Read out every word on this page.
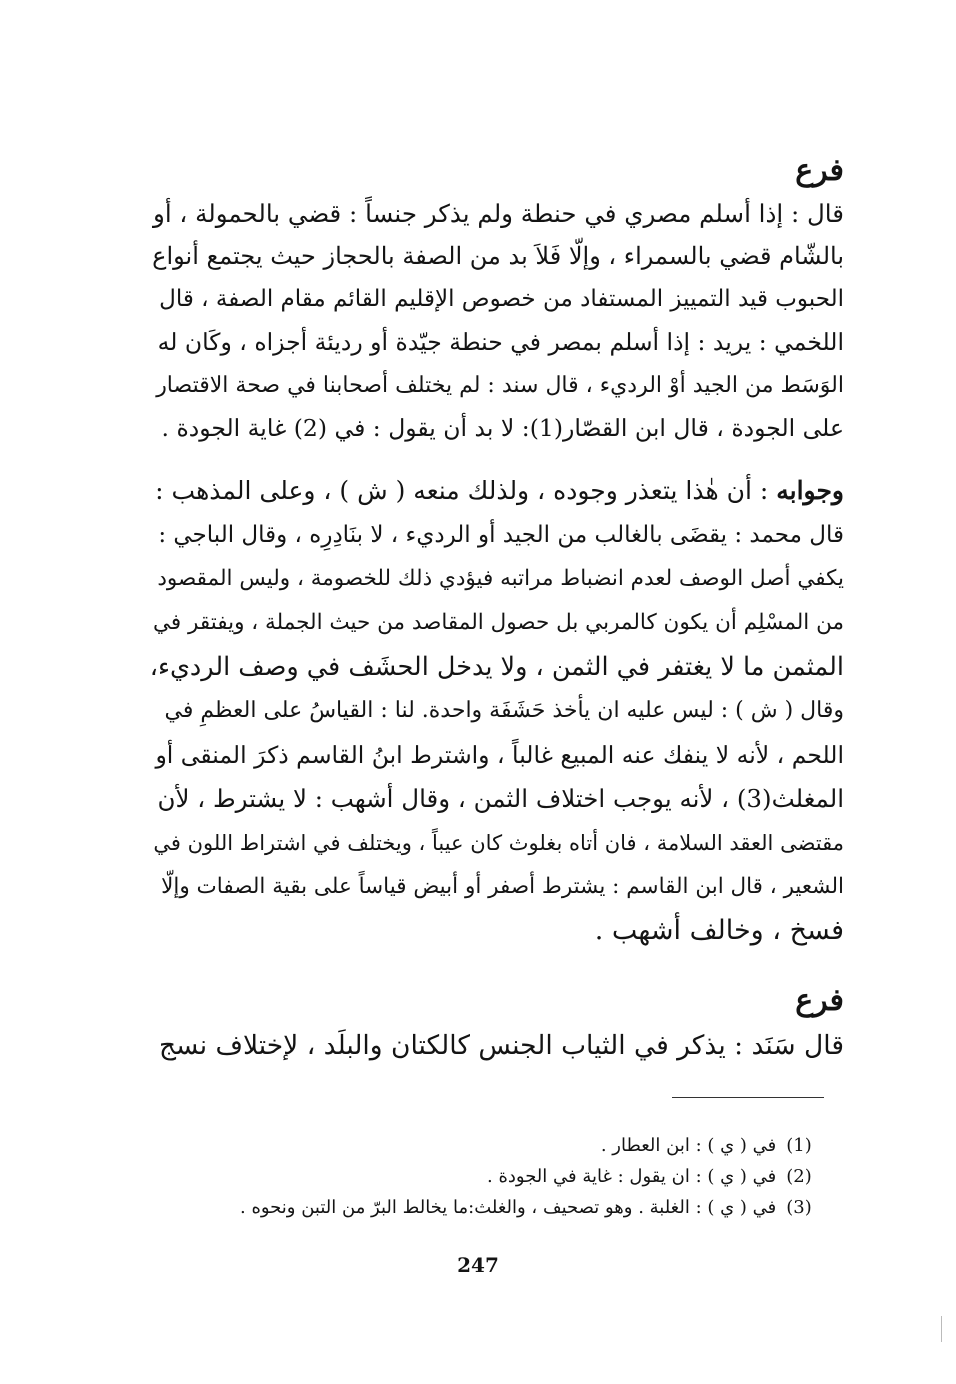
فرع
قال : إذا أسلم مصري في حنطة ولم يذكر جنساً : قضي بالحمولة ، أو
بالشّام قضي بالسمراء ، وإلّا فَلاَ بد من الصفة بالحجاز حيث يجتمع أنواع
الحبوب قيد التمييز المستفاد من خصوص الإقليم القائم مقام الصفة ، قال
اللخمي : يريد : إذا أسلم بمصر في حنطة جيّدة أو رديئة أجزاه ، وكَان له
الوَسَط من الجيد أوْ الرديء ، قال سند : لم يختلف أصحابنا في صحة الاقتصار
على الجودة ، قال ابن القصّار(1): لا بد أن يقول : في (2) غاية الجودة .
وجوابه : أن هٰذا يتعذر وجوده ، ولذلك منعه ( ش ) ، وعلى المذهب :
قال محمد : يقضَى بالغالب من الجيد أو الرديء ، لا بنَادِرِه ، وقال الباجي :
يكفي أصل الوصف لعدم انضباط مراتبه فيؤدي ذلك للخصومة ، وليس المقصود
من المسْلِم أن يكون كالمربي بل حصول المقاصد من حيث الجملة ، ويفتقر في
المثمن ما لا يغتفر في الثمن ، ولا يدخل الحشَف في وصف الرديء،
وقال ( ش ) : ليس عليه ان يأخذ حَشَفَة واحدة. لنا : القياسُ على العظمِ في
اللحم ، لأنه لا ينفك عنه المبيع غالباً ، واشترط ابنُ القاسم ذكرَ المنقى أو
المغلث(3) ، لأنه يوجب اختلاف الثمن ، وقال أشهب : لا يشترط ، لأن
مقتضى العقد السلامة ، فان أتاه بغلوث كان عيباً ، ويختلف في اشتراط اللون في
الشعير ، قال ابن القاسم : يشترط أصفر أو أبيض قياساً على بقية الصفات وإلّا
فسخ ، وخالف أشهب .
فرع
قال سَنَد : يذكر في الثياب الجنس كالكتان والبلَد ، لإختلاف نسج
(1) في ( ي ) : ابن العطار .
(2) في ( ي ) : ان يقول : غاية في الجودة .
(3) في ( ي ) : الغلبة . وهو تصحيف ، والغلث:ما يخالط البرّ من التبن ونحوه .
247
